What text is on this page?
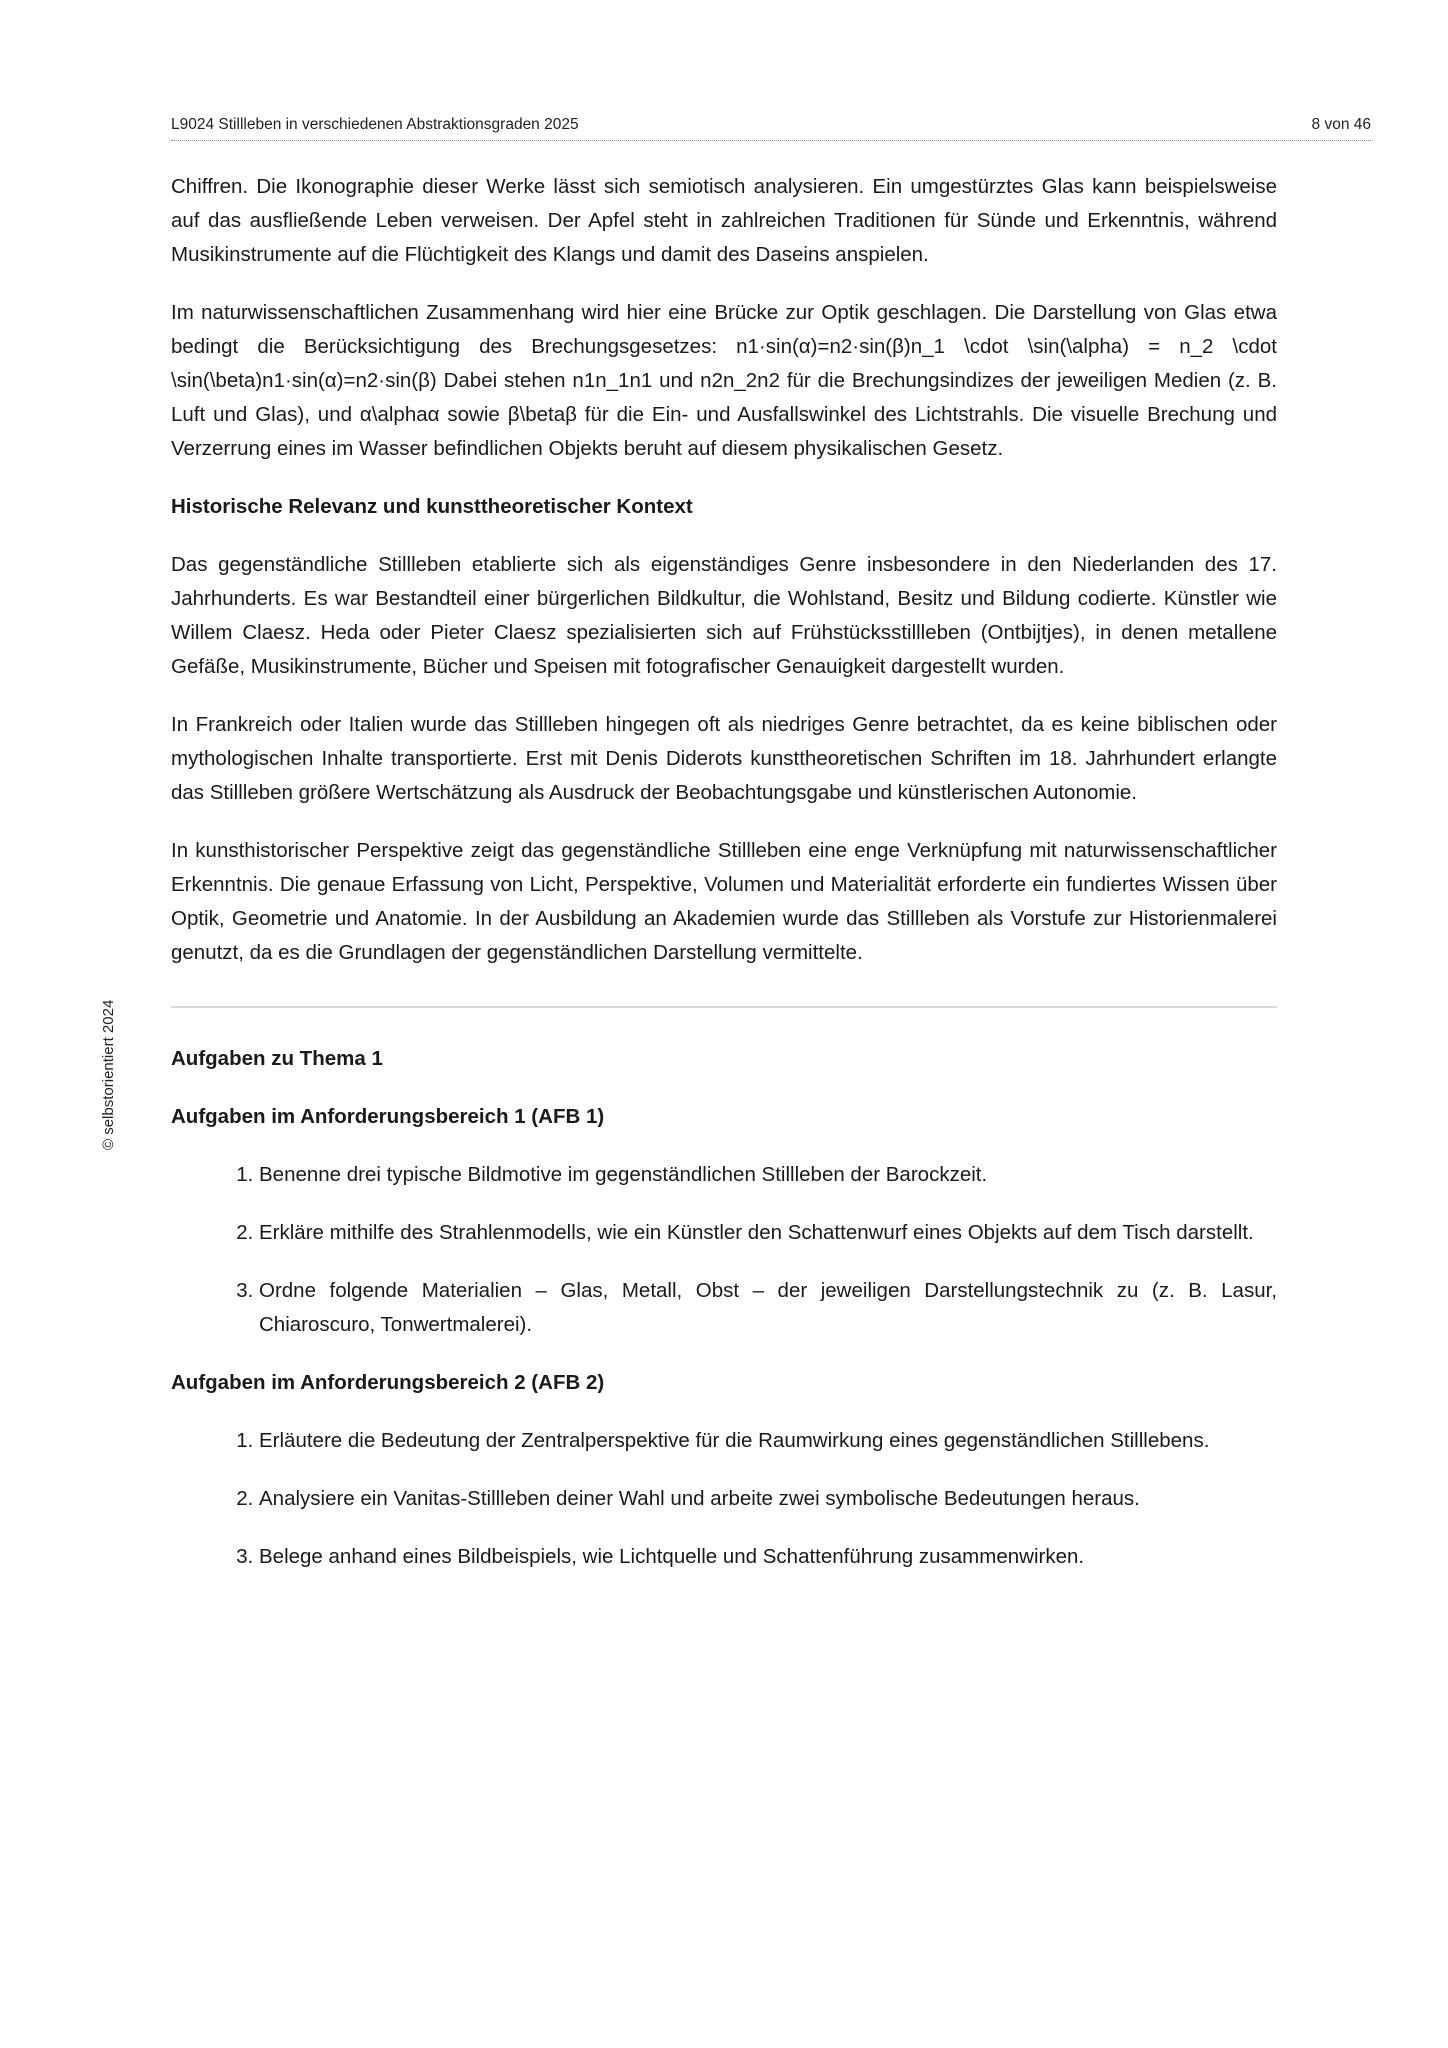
L9024 Stillleben in verschiedenen Abstraktionsgraden 2025	8 von 46
© selbstorientiert 2024

Chiffren. Die Ikonographie dieser Werke lässt sich semiotisch analysieren. Ein umgestürztes Glas kann beispielsweise auf das ausfließende Leben verweisen. Der Apfel steht in zahlreichen Traditionen für Sünde und Erkenntnis, während Musikinstrumente auf die Flüchtigkeit des Klangs und damit des Daseins anspielen.

Im naturwissenschaftlichen Zusammenhang wird hier eine Brücke zur Optik geschlagen. Die Darstellung von Glas etwa bedingt die Berücksichtigung des Brechungsgesetzes: n1·sin⁡(α)=n2·sin⁡(β)n_1 \cdot \sin(\alpha) = n_2 \cdot \sin(\beta)n1·sin(α)=n2·sin(β) Dabei stehen n1n_1n1 und n2n_2n2 für die Brechungsindizes der jeweiligen Medien (z. B. Luft und Glas), und α\alphaα sowie β\betaβ für die Ein- und Ausfallswinkel des Lichtstrahls. Die visuelle Brechung und Verzerrung eines im Wasser befindlichen Objekts beruht auf diesem physikalischen Gesetz.

Historische Relevanz und kunsttheoretischer Kontext

Das gegenständliche Stillleben etablierte sich als eigenständiges Genre insbesondere in den Niederlanden des 17. Jahrhunderts. Es war Bestandteil einer bürgerlichen Bildkultur, die Wohlstand, Besitz und Bildung codierte. Künstler wie Willem Claesz. Heda oder Pieter Claesz spezialisierten sich auf Frühstücksstillleben (Ontbijtjes), in denen metallene Gefäße, Musikinstrumente, Bücher und Speisen mit fotografischer Genauigkeit dargestellt wurden.

In Frankreich oder Italien wurde das Stillleben hingegen oft als niedriges Genre betrachtet, da es keine biblischen oder mythologischen Inhalte transportierte. Erst mit Denis Diderots kunsttheoretischen Schriften im 18. Jahrhundert erlangte das Stillleben größere Wertschätzung als Ausdruck der Beobachtungsgabe und künstlerischen Autonomie.

In kunsthistorischer Perspektive zeigt das gegenständliche Stillleben eine enge Verknüpfung mit naturwissenschaftlicher Erkenntnis. Die genaue Erfassung von Licht, Perspektive, Volumen und Materialität erforderte ein fundiertes Wissen über Optik, Geometrie und Anatomie. In der Ausbildung an Akademien wurde das Stillleben als Vorstufe zur Historienmalerei genutzt, da es die Grundlagen der gegenständlichen Darstellung vermittelte.

Aufgaben zu Thema 1
Aufgaben im Anforderungsbereich 1 (AFB 1)
1. Benenne drei typische Bildmotive im gegenständlichen Stillleben der Barockzeit.
2. Erkläre mithilfe des Strahlenmodells, wie ein Künstler den Schattenwurf eines Objekts auf dem Tisch darstellt.
3. Ordne folgende Materialien – Glas, Metall, Obst – der jeweiligen Darstellungstechnik zu (z. B. Lasur, Chiaroscuro, Tonwertmalerei).
Aufgaben im Anforderungsbereich 2 (AFB 2)
1. Erläutere die Bedeutung der Zentralperspektive für die Raumwirkung eines gegenständlichen Stilllebens.
2. Analysiere ein Vanitas-Stillleben deiner Wahl und arbeite zwei symbolische Bedeutungen heraus.
3. Belege anhand eines Bildbeispiels, wie Lichtquelle und Schattenführung zusammenwirken.
